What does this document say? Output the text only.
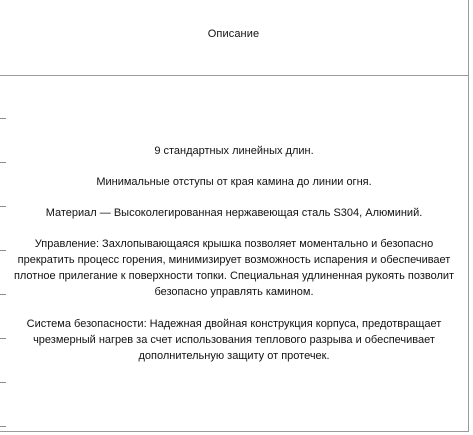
Описание

9 стандартных линейных длин.

Минимальные отступы от края камина до линии огня.

Материал — Высоколегированная нержавеющая сталь S304, Алюминий.

Управление: Захлопывающаяся крышка позволяет моментально и безопасно прекратить процесс горения, минимизирует возможность испарения и обеспечивает плотное прилегание к поверхности топки. Специальная удлиненная рукоять позволит безопасно управлять камином.

Система безопасности: Надежная двойная конструкция корпуса, предотвращает чрезмерный нагрев за счет использования теплового разрыва и обеспечивает дополнительную защиту от протечек.
